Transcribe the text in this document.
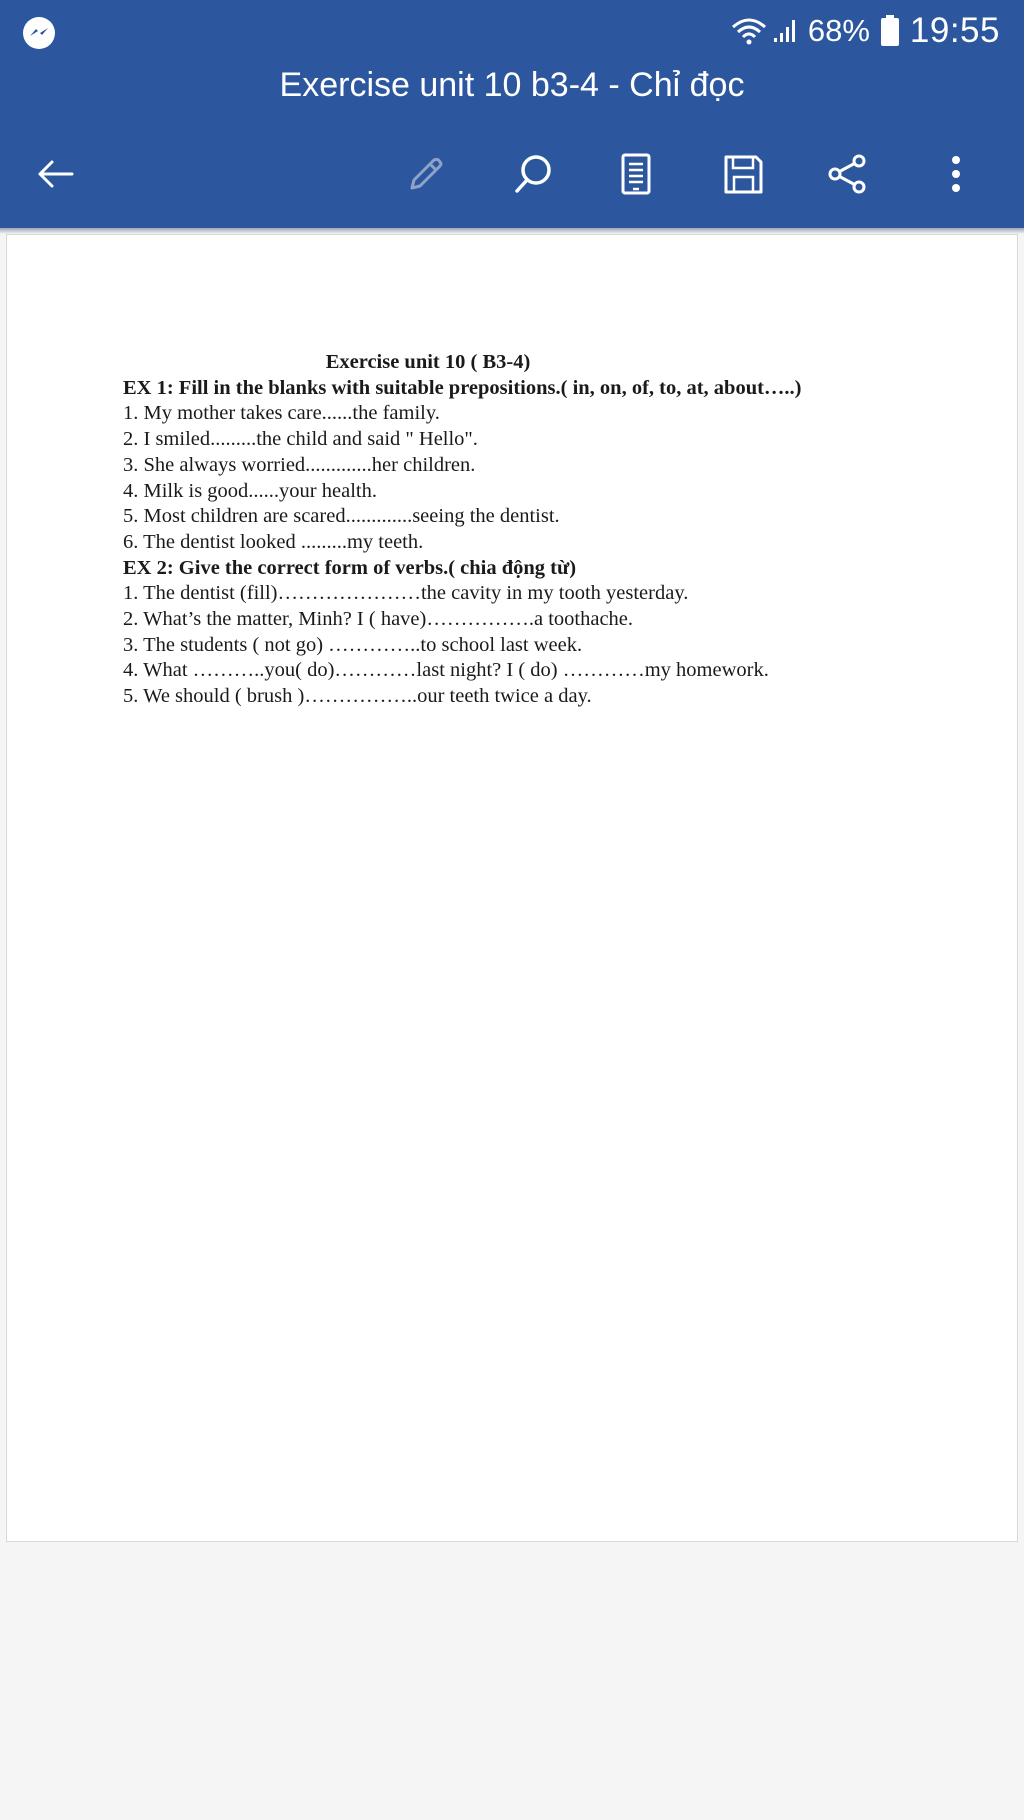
68% 19:55
Exercise unit 10 b3-4 - Chỉ đọc
Exercise unit 10 ( B3-4)
EX 1: Fill in the blanks with suitable prepositions.( in, on, of, to, at, about…..)
1. My mother takes care......the family.
2. I smiled.........the child and said " Hello".
3. She always worried.............her children.
4. Milk is good......your health.
5. Most children are scared.............seeing the dentist.
6. The dentist looked .........my teeth.
EX 2: Give the correct form of verbs.( chia động từ)
1. The dentist (fill)…………………the cavity in my tooth yesterday.
2. What’s the matter, Minh? I ( have)…………….a toothache.
3. The students ( not go) …………..to school last week.
4. What ………..you( do)…………last night? I ( do) …………my homework.
5. We should ( brush )……………..our teeth twice a day.
